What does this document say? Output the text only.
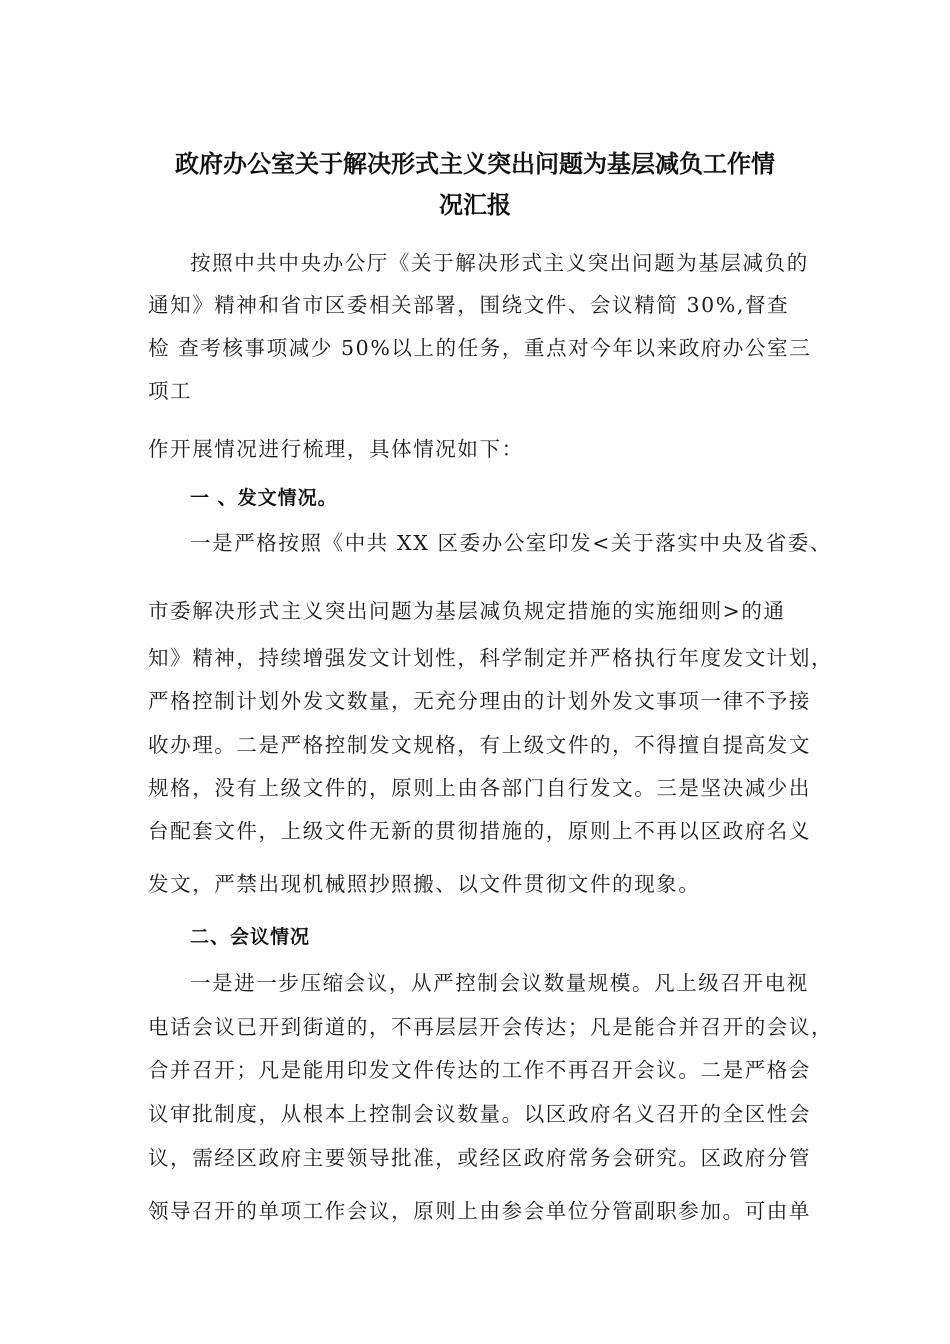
政府办公室关于解决形式主义突出问题为基层减负工作情
况汇报

按照中共中央办公厅《关于解决形式主义突出问题为基层减负的

通知》精神和省市区委相关部署，围绕文件、会议精简 30%,督查

检 查考核事项减少 50%以上的任务，重点对今年以来政府办公室三

项工

作开展情况进行梳理，具体情况如下：

一 、发文情况。

一是严格按照《中共 XX 区委办公室印发<关于落实中央及省委、

市委解决形式主义突出问题为基层减负规定措施的实施细则>的通

知》精神，持续增强发文计划性，科学制定并严格执行年度发文计划，

严格控制计划外发文数量，无充分理由的计划外发文事项一律不予接

收办理。二是严格控制发文规格，有上级文件的，不得擅自提高发文

规格，没有上级文件的，原则上由各部门自行发文。三是坚决减少出

台配套文件，上级文件无新的贯彻措施的，原则上不再以区政府名义

发文，严禁出现机械照抄照搬、以文件贯彻文件的现象。

二、会议情况

一是进一步压缩会议，从严控制会议数量规模。凡上级召开电视

电话会议已开到街道的，不再层层开会传达；凡是能合并召开的会议，

合并召开；凡是能用印发文件传达的工作不再召开会议。二是严格会

议审批制度，从根本上控制会议数量。以区政府名义召开的全区性会

议，需经区政府主要领导批准，或经区政府常务会研究。区政府分管

领导召开的单项工作会议，原则上由参会单位分管副职参加。可由单
